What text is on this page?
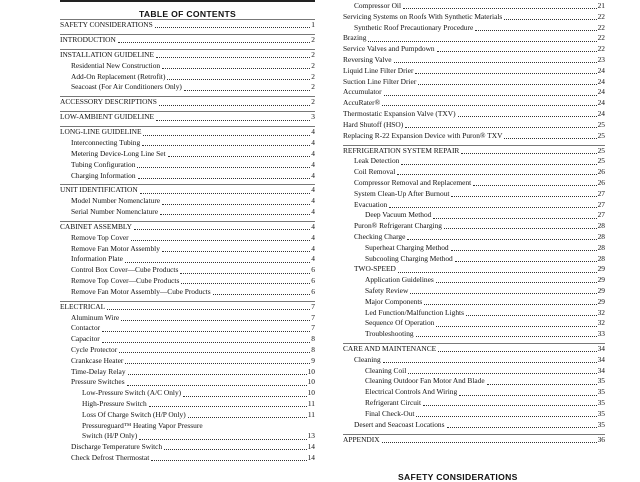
TABLE OF CONTENTS
SAFETY CONSIDERATIONS	1
INTRODUCTION	2
INSTALLATION GUIDELINE	2
Residential New Construction	2
Add-On Replacement (Retrofit)	2
Seacoast (For Air Conditioners Only)	2
ACCESSORY DESCRIPTIONS	2
LOW-AMBIENT GUIDELINE	3
LONG-LINE GUIDELINE	4
Interconnecting Tubing	4
Metering Device-Long Line Set	4
Tubing Configuration	4
Charging Information	4
UNIT IDENTIFICATION	4
Model Number Nomenclature	4
Serial Number Nomenclature	4
CABINET ASSEMBLY	4
Remove Top Cover	4
Remove Fan Motor Assembly	4
Information Plate	4
Control Box Cover—Cube Products	6
Remove Top Cover—Cube Products	6
Remove Fan Motor Assembly—Cube Products	6
ELECTRICAL	7
Aluminum Wire	7
Contactor	7
Capacitor	8
Cycle Protector	8
Crankcase Heater	9
Time-Delay Relay	10
Pressure Switches	10
Low-Pressure Switch (A/C Only)	10
High-Pressure Switch	11
Loss Of Charge Switch (H/P Only)	11
Pressureguard™ Heating Vapor Pressure
Switch (H/P Only)	13
Discharge Temperature Switch	14
Check Defrost Thermostat	14
Compressor Oil	21
Servicing Systems on Roofs With Synthetic Materials	22
Synthetic Roof Precautionary Procedure	22
Brazing	22
Service Valves and Pumpdown	22
Reversing Valve	23
Liquid Line Filter Drier	24
Suction Line Filter Drier	24
Accumulator	24
AccuRater®	24
Thermostatic Expansion Valve (TXV)	24
Hard Shutoff (HSO)	25
Replacing R-22 Expansion Device with Puron® TXV	25
REFRIGERATION SYSTEM REPAIR	25
Leak Detection	25
Coil Removal	26
Compressor Removal and Replacement	26
System Clean-Up After Burnout	27
Evacuation	27
Deep Vacuum Method	27
Puron® Refrigerant Charging	28
Checking Charge	28
Superheat Charging Method	28
Subcooling Charging Method	28
TWO-SPEED	29
Application Guidelines	29
Safety Review	29
Major Components	29
Led Function/Malfunction Lights	32
Sequence Of Operation	32
Troubleshooting	33
CARE AND MAINTENANCE	34
Cleaning	34
Cleaning Coil	34
Cleaning Outdoor Fan Motor And Blade	35
Electrical Controls And Wiring	35
Refrigerant Circuit	35
Final Check-Out	35
Desert and Seacoast Locations	35
APPENDIX	36
SAFETY CONSIDERATIONS
